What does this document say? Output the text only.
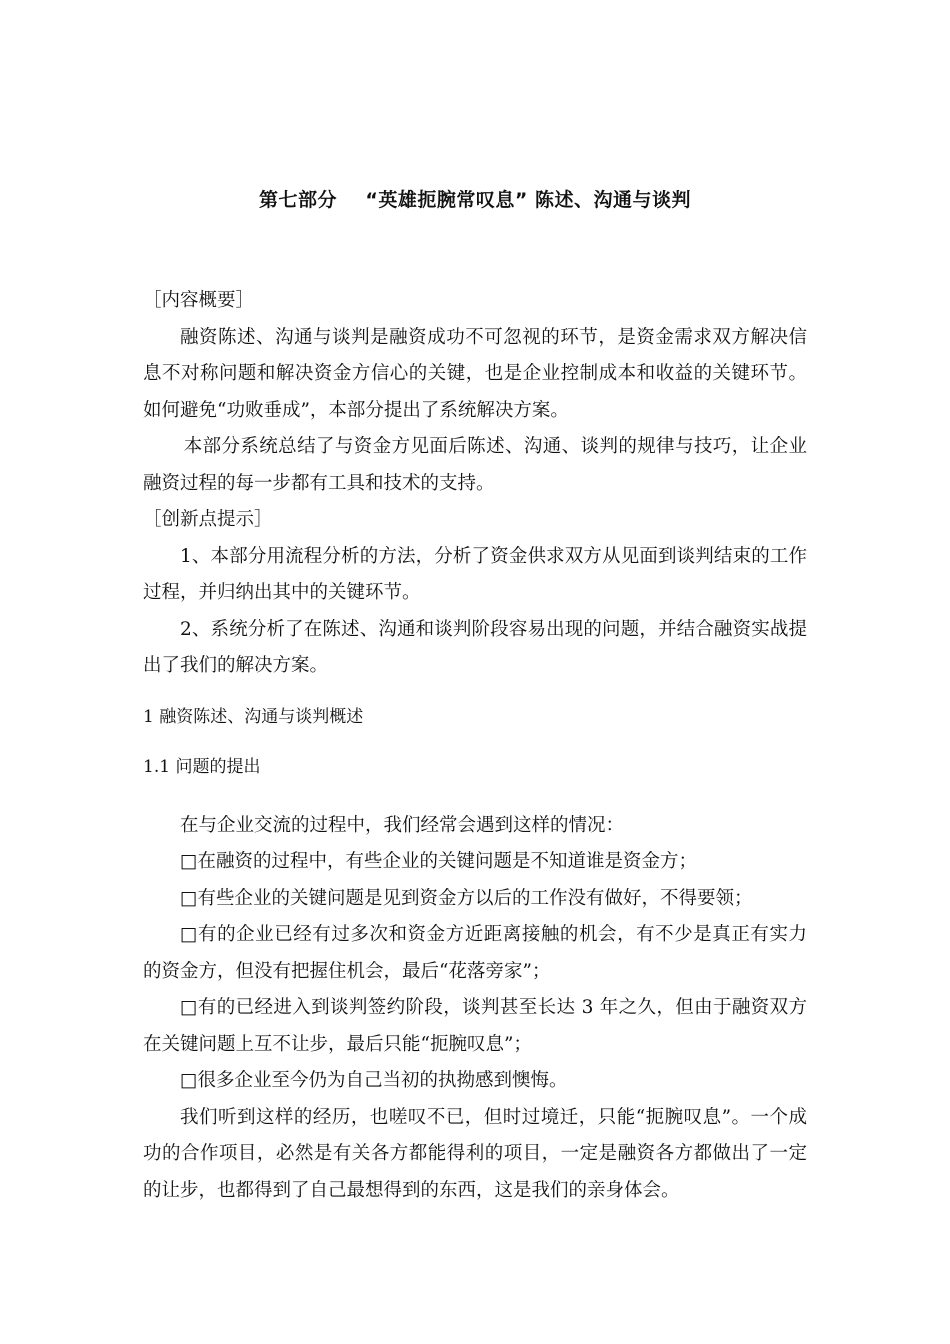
第七部分    “英雄扼腕常叹息” 陈述、沟通与谈判

［内容概要］

融资陈述、沟通与谈判是融资成功不可忽视的环节，是资金需求双方解决信息不对称问题和解决资金方信心的关键，也是企业控制成本和收益的关键环节。如何避免“功败垂成”，本部分提出了系统解决方案。

本部分系统总结了与资金方见面后陈述、沟通、谈判的规律与技巧，让企业融资过程的每一步都有工具和技术的支持。

［创新点提示］

1、本部分用流程分析的方法，分析了资金供求双方从见面到谈判结束的工作过程，并归纳出其中的关键环节。

2、系统分析了在陈述、沟通和谈判阶段容易出现的问题，并结合融资实战提出了我们的解决方案。

1 融资陈述、沟通与谈判概述

1.1 问题的提出

在与企业交流的过程中，我们经常会遇到这样的情况：

□在融资的过程中，有些企业的关键问题是不知道谁是资金方；

□有些企业的关键问题是见到资金方以后的工作没有做好，不得要领；

□有的企业已经有过多次和资金方近距离接触的机会，有不少是真正有实力的资金方，但没有把握住机会，最后“花落旁家”；

□有的已经进入到谈判签约阶段，谈判甚至长达 3 年之久，但由于融资双方在关键问题上互不让步，最后只能“扼腕叹息”；

□很多企业至今仍为自己当初的执拗感到懊悔。

我们听到这样的经历，也嗟叹不已，但时过境迁，只能“扼腕叹息”。一个成功的合作项目，必然是有关各方都能得利的项目，一定是融资各方都做出了一定的让步，也都得到了自己最想得到的东西，这是我们的亲身体会。
